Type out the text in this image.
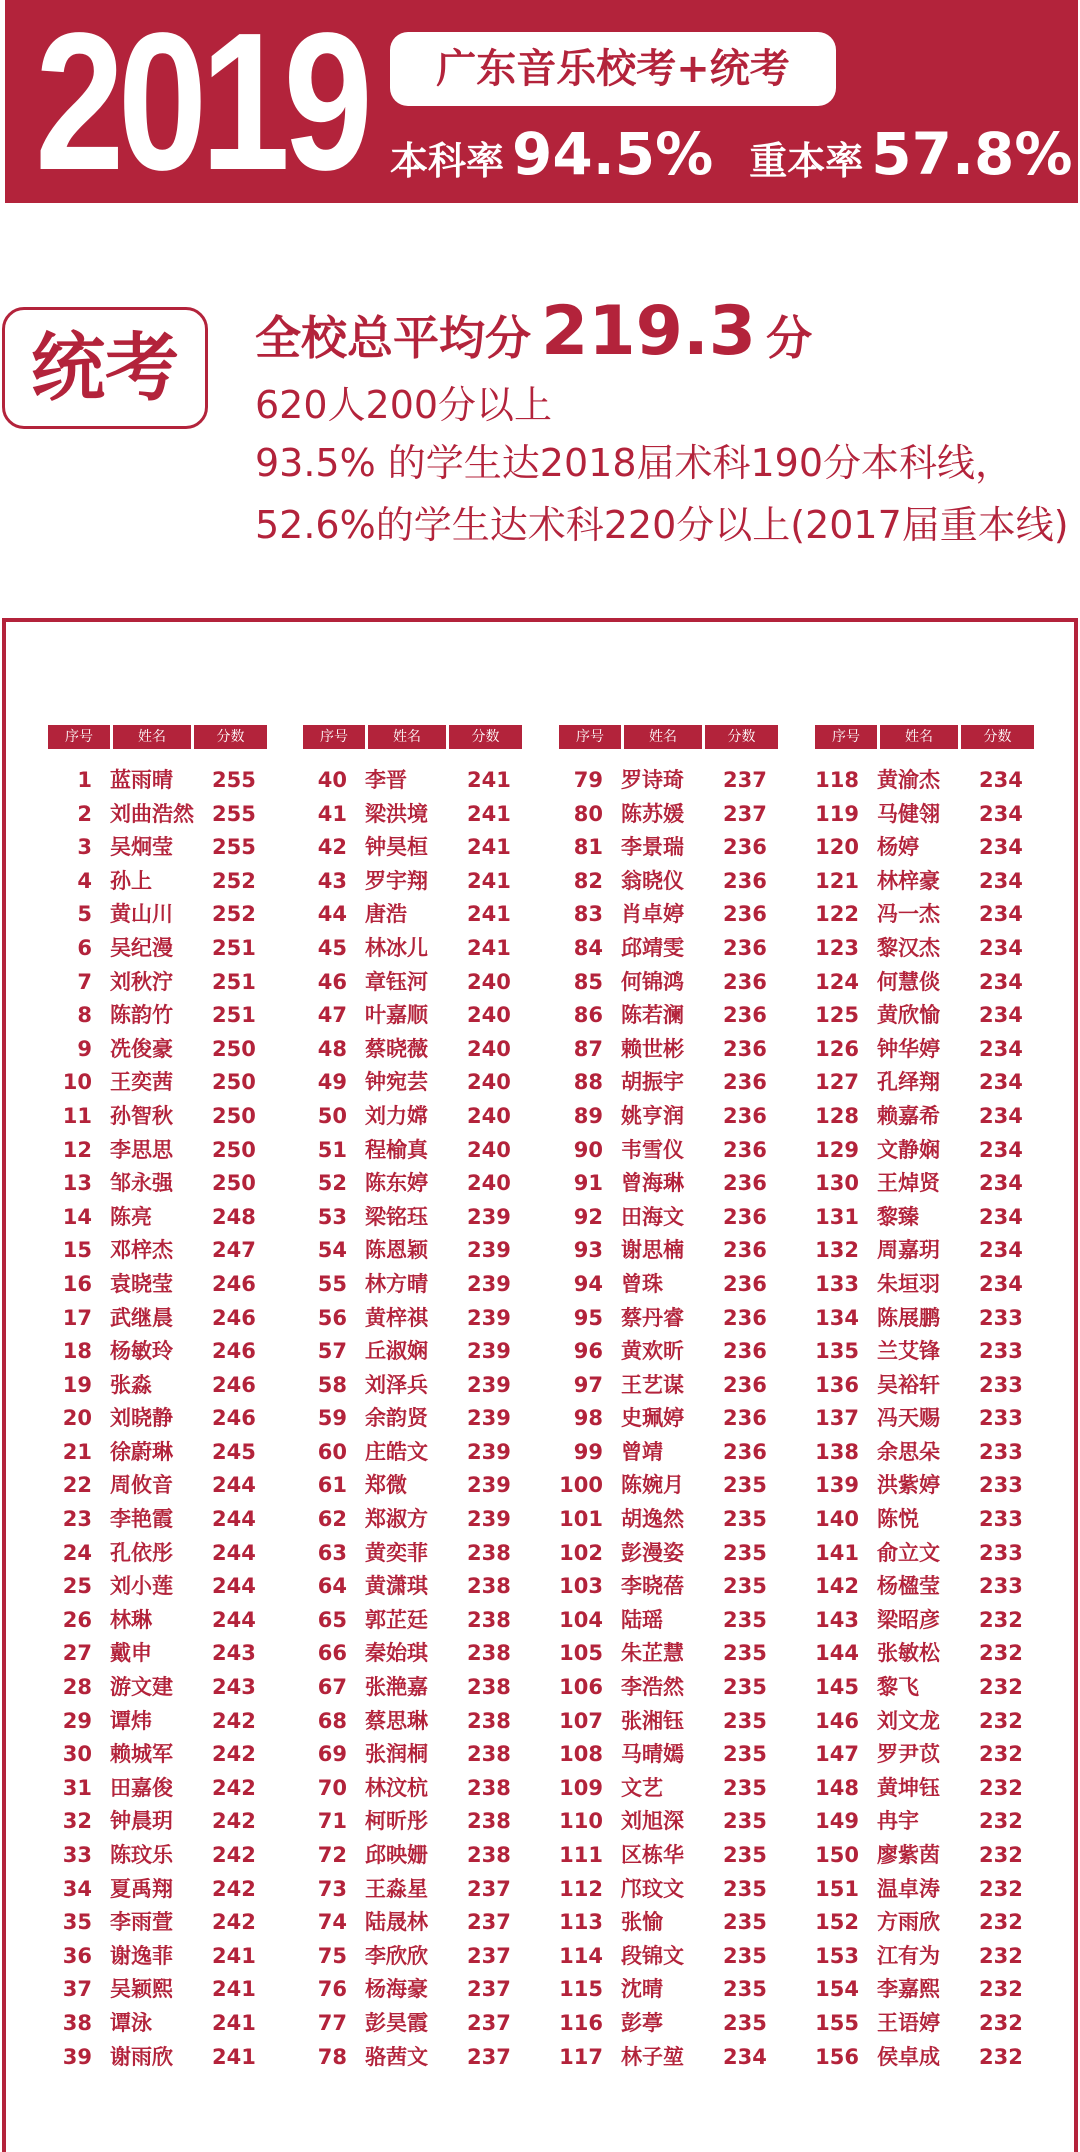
2019	广东音乐校考+统考
本科率 94.5% 重本率 57.8%
统考	全校总平均分 219.3 分
620人200分以上
93.5% 的学生达2018届术科190分本科线，
52.6%的学生达术科220分以上(2017届重本线)
序号	姓名	分数
1 蓝雨晴 255
2 刘曲浩然 255
3 吴炯莹 255
4 孙上	252
5 黄山川 252
6 吴纪漫 251
7 刘秋泞 251
8 陈韵竹 251
9 冼俊豪 250
10 王奕茜 250
11 孙智秋 250
12 李思思 250
13 邹永强 250
14 陈亮	248
15 邓梓杰 247
16 袁晓莹 246
17 武继晨 246
18 杨敏玲 246
19 张淼	246
20 刘晓静 246
21 徐蔚琳 245
22 周攸音 244
23 李艳霞 244
24 孔依彤 244
25 刘小莲 244
26 林琳	244
27 戴申	243
28 游文建 243
29 谭炜	242
30 赖城军 242
31 田嘉俊 242
32 钟晨玥 242
33 陈玟乐 242
34 夏禹翔 242
35 李雨萱 242
36 谢逸菲 241
37 吴颖熙 241
38 谭泳	241
39 谢雨欣 241
序号	姓名	分数
40 李晋	241
41 梁洪境 241
42 钟昊桓 241
43 罗宇翔 241
44 唐浩	241
45 林冰儿 241
46 章钰河 240
47 叶嘉顺 240
48 蔡晓薇 240
49 钟宛芸 240
50 刘力嫦 240
51 程榆真 240
52 陈东婷 240
53 梁铭珏 239
54 陈恩颖 239
55 林方晴 239
56 黄梓祺 239
57 丘淑娴 239
58 刘泽兵 239
59 余韵贤 239
60 庄皓文 239
61 郑微	239
62 郑淑方 239
63 黄奕菲 238
64 黄潇琪 238
65 郭芷廷 238
66 秦始琪 238
67 张滟嘉 238
68 蔡思琳 238
69 张润桐 238
70 林汶杭 238
71 柯昕彤 238
72 邱映姗 238
73 王淼星 237
74 陆晟林 237
75 李欣欣 237
76 杨海豪 237
77 彭昊霞 237
78 骆茜文 237
序号	姓名	分数
79 罗诗琦 237
80 陈苏媛 237
81 李景瑞 236
82 翁晓仪 236
83 肖卓婷 236
84 邱靖雯 236
85 何锦鸿 236
86 陈若澜 236
87 赖世彬 236
88 胡振宇 236
89 姚亨润 236
90 韦雪仪 236
91 曾海琳 236
92 田海文 236
93 谢思楠 236
94 曾珠	236
95 蔡丹睿 236
96 黄欢昕 236
97 王艺谋 236
98 史珮婷 236
99 曾靖	236
100 陈婉月 235
101 胡逸然 235
102 彭漫姿 235
103 李晓蓓 235
104 陆瑶	235
105 朱芷慧 235
106 李浩然 235
107 张湘钰 235
108 马晴嫣 235
109 文艺	235
110 刘旭深 235
111 区栋华 235
112 邝玟文 235
113 张愉	235
114 段锦文 235
115 沈晴	235
116 彭葶	235
117 林子堃 234
序号	姓名	分数
118 黄渝杰 234
119 马健翎 234
120 杨婷	234
121 林梓豪 234
122 冯一杰 234
123 黎汉杰 234
124 何慧倓 234
125 黄欣愉 234
126 钟华婷 234
127 孔绎翔 234
128 赖嘉希 234
129 文静娴 234
130 王焯贤 234
131 黎臻	234
132 周嘉玥 234
133 朱垣羽 234
134 陈展鹏 233
135 兰艾锋 233
136 吴裕轩 233
137 冯天赐 233
138 余思朵 233
139 洪紫婷 233
140 陈悦	233
141 俞立文 233
142 杨楹莹 233
143 梁昭彦 232
144 张敏松 232
145 黎飞	232
146 刘文龙 232
147 罗尹苡 232
148 黄坤钰 232
149 冉宇	232
150 廖紫茵 232
151 温卓涛 232
152 方雨欣 232
153 江有为 232
154 李嘉熙 232
155 王语婷 232
156 侯卓成 232
